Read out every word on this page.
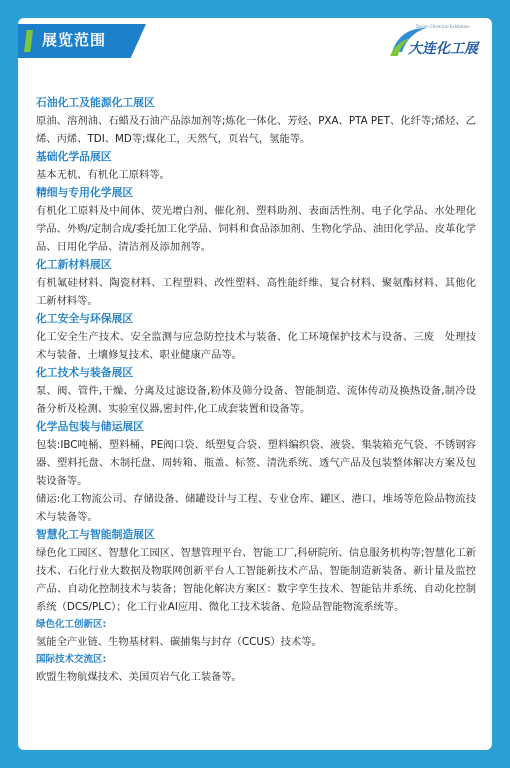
展览范围
Dalian Chemical Exhibition
大连化工展
石油化工及能源化工展区
原油、溶剂油、石蜡及石油产品添加剂等;炼化一体化、芳烃、PXA、PTA PET、化纤等;烯烃、乙烯、丙烯、TDI、MD等;煤化工，天然气，页岩气，氢能等。
基础化学品展区
基本无机、有机化工原料等。
精细与专用化学展区
有机化工原料及中间体、荧光增白剂、催化剂、塑料助剂、表面活性剂、电子化学品、水处理化学品、外购/定制合成/委托加工化学品、饲料和食品添加剂、生物化学品、油田化学品、皮革化学品、日用化学品、清洁剂及添加剂等。
化工新材料展区
有机氟硅材料、陶瓷材料、工程塑料、改性塑料、高性能纤维、复合材料、聚氨酯材料、其他化工新材料等。
化工安全与环保展区
化工安全生产技术、安全监测与应急防控技术与装备、化工环境保护技术与设备、三废　处理技术与装备、土壤修复技术、职业健康产品等。
化工技术与装备展区
泵、阀、管件,干燥、分离及过滤设备,粉体及筛分设备、智能制造、流体传动及换热设备,制冷设备分析及检测、实验室仪器,密封件,化工成套装置和设备等。
化学品包装与储运展区
包装:IBC吨桶、塑料桶、PE阀口袋、纸塑复合袋、塑料编织袋、液袋、集装箱充气袋、不锈钢容器、塑料托盘、木制托盘、周转箱、瓶盖、标签、清洗系统、透气产品及包装整体解决方案及包装设备等。
储运:化工物流公司、存储设备、储罐设计与工程、专业仓库、罐区、港口、堆场等危险品物流技术与装备等。
智慧化工与智能制造展区
绿色化工园区、智慧化工园区、智慧管理平台、智能工厂,科研院所、信息服务机构等;智慧化工新技术、石化行业大数据及物联网创新平台人工智能新技术产品、智能制造新装备、新计量及监控产品、自动化控制技术与装备；智能化解决方案区：数字孪生技术、智能钻井系统、自动化控制系统（DCS/PLC）；化工行业AI应用、微化工技术装备、危险品智能物流系统等。
绿色化工创新区:
氢能全产业链、生物基材料、碳捕集与封存（CCUS）技术等。
国际技术交流区:
欧盟生物航煤技术、美国页岩气化工装备等。
